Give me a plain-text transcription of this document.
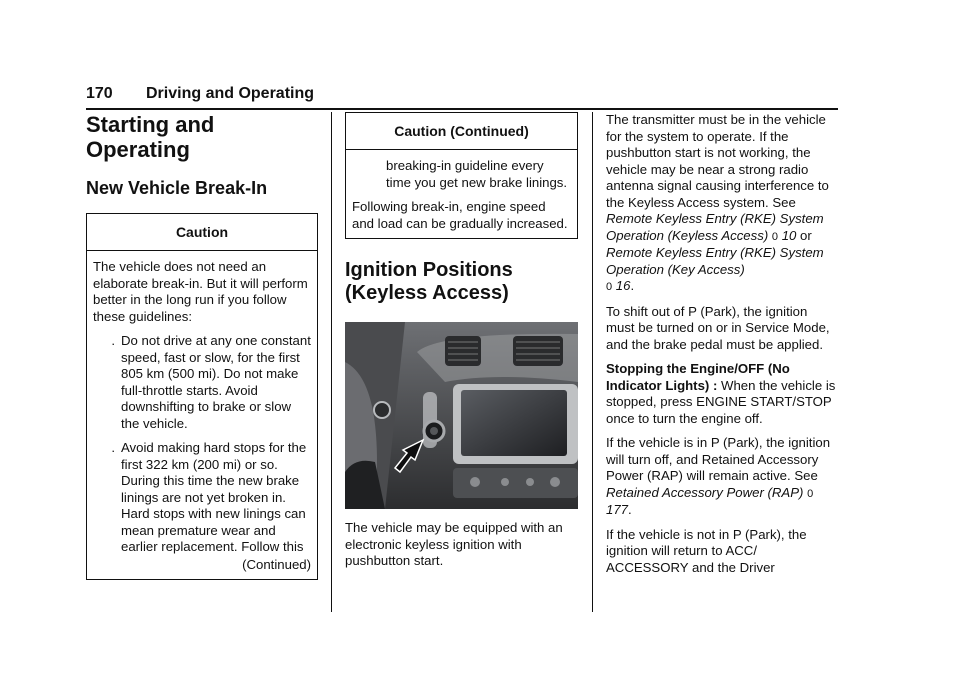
170 Driving and Operating
Starting and
Operating
New Vehicle Break-In
Caution

The vehicle does not need an elaborate break-in. But it will perform better in the long run if you follow these guidelines:

. Do not drive at any one constant speed, fast or slow, for the first 805 km (500 mi). Do not make full-throttle starts. Avoid downshifting to brake or slow the vehicle.
. Avoid making hard stops for the first 322 km (200 mi) or so. During this time the new brake linings are not yet broken in. Hard stops with new linings can mean premature wear and earlier replacement. Follow this
(Continued)
Caution (Continued)

breaking-in guideline every time you get new brake linings.

Following break-in, engine speed and load can be gradually increased.

Ignition Positions
(Keyless Access)

The vehicle may be equipped with an electronic keyless ignition with pushbutton start.

The transmitter must be in the vehicle for the system to operate. If the pushbutton start is not working, the vehicle may be near a strong radio antenna signal causing interference to the Keyless Access system. See Remote Keyless Entry (RKE) System Operation (Keyless Access) 0 10 or Remote Keyless Entry (RKE) System Operation (Key Access)
0 16.

To shift out of P (Park), the ignition must be turned on or in Service Mode, and the brake pedal must be applied.

Stopping the Engine/OFF (No Indicator Lights) : When the vehicle is stopped, press ENGINE START/STOP once to turn the engine off.

If the vehicle is in P (Park), the ignition will turn off, and Retained Accessory Power (RAP) will remain active. See Retained Accessory Power (RAP) 0 177.

If the vehicle is not in P (Park), the ignition will return to ACC/ ACCESSORY and the Driver
